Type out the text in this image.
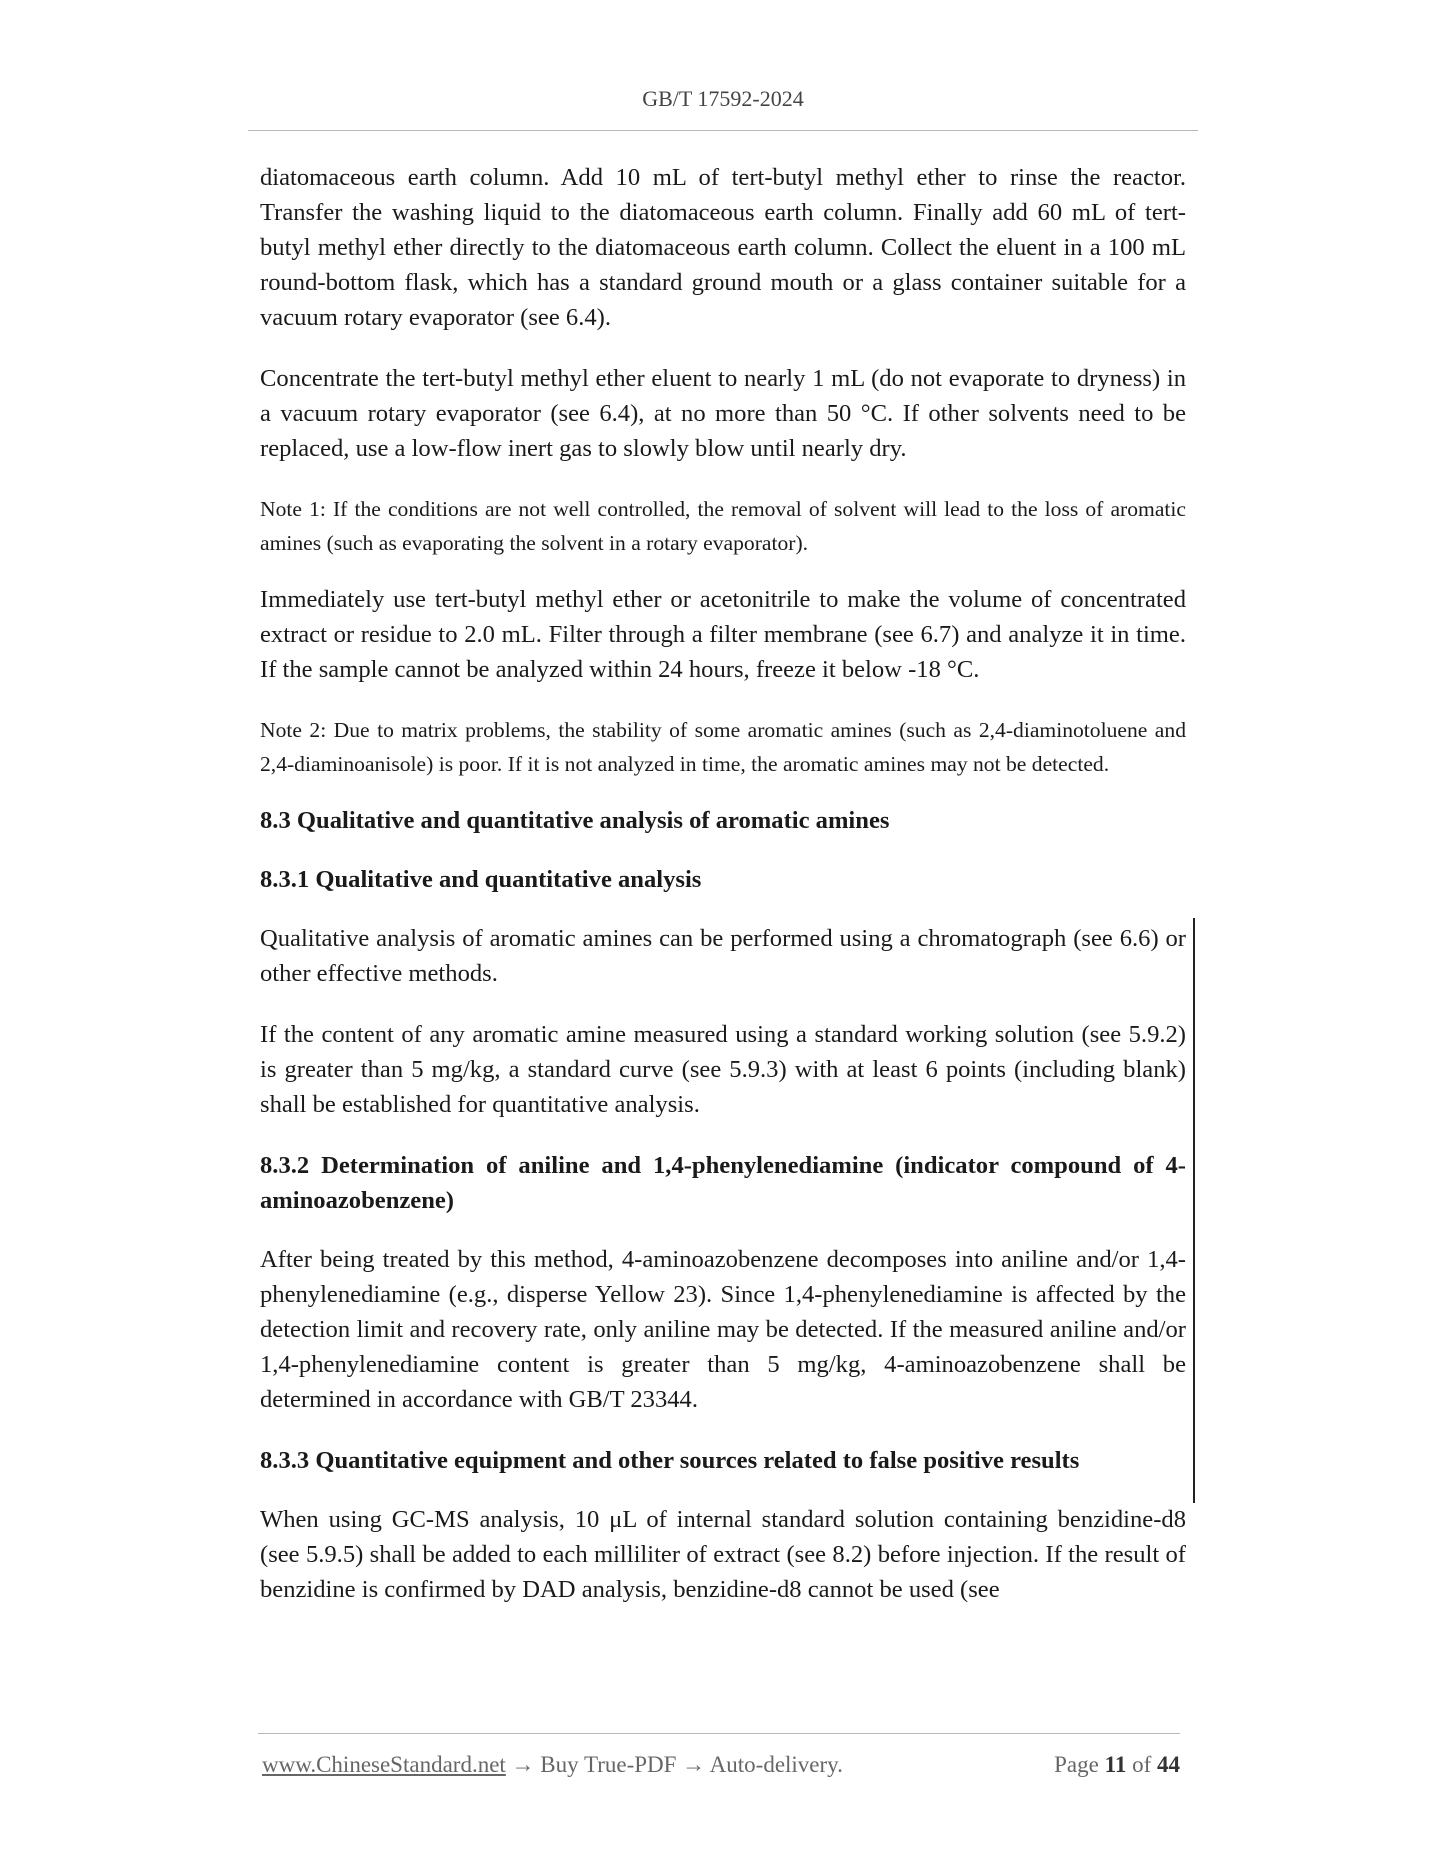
GB/T 17592-2024

diatomaceous earth column. Add 10 mL of tert-butyl methyl ether to rinse the reactor. Transfer the washing liquid to the diatomaceous earth column. Finally add 60 mL of tert-butyl methyl ether directly to the diatomaceous earth column. Collect the eluent in a 100 mL round-bottom flask, which has a standard ground mouth or a glass container suitable for a vacuum rotary evaporator (see 6.4).

Concentrate the tert-butyl methyl ether eluent to nearly 1 mL (do not evaporate to dryness) in a vacuum rotary evaporator (see 6.4), at no more than 50 °C. If other solvents need to be replaced, use a low-flow inert gas to slowly blow until nearly dry.

Note 1: If the conditions are not well controlled, the removal of solvent will lead to the loss of aromatic amines (such as evaporating the solvent in a rotary evaporator).

Immediately use tert-butyl methyl ether or acetonitrile to make the volume of concentrated extract or residue to 2.0 mL. Filter through a filter membrane (see 6.7) and analyze it in time. If the sample cannot be analyzed within 24 hours, freeze it below -18 °C.

Note 2: Due to matrix problems, the stability of some aromatic amines (such as 2,4-diaminotoluene and 2,4-diaminoanisole) is poor. If it is not analyzed in time, the aromatic amines may not be detected.

8.3 Qualitative and quantitative analysis of aromatic amines

8.3.1 Qualitative and quantitative analysis

Qualitative analysis of aromatic amines can be performed using a chromatograph (see 6.6) or other effective methods.

If the content of any aromatic amine measured using a standard working solution (see 5.9.2) is greater than 5 mg/kg, a standard curve (see 5.9.3) with at least 6 points (including blank) shall be established for quantitative analysis.

8.3.2 Determination of aniline and 1,4-phenylenediamine (indicator compound of 4-aminoazobenzene)

After being treated by this method, 4-aminoazobenzene decomposes into aniline and/or 1,4-phenylenediamine (e.g., disperse Yellow 23). Since 1,4-phenylenediamine is affected by the detection limit and recovery rate, only aniline may be detected. If the measured aniline and/or 1,4-phenylenediamine content is greater than 5 mg/kg, 4-aminoazobenzene shall be determined in accordance with GB/T 23344.

8.3.3 Quantitative equipment and other sources related to false positive results

When using GC-MS analysis, 10 μL of internal standard solution containing benzidine-d8 (see 5.9.5) shall be added to each milliliter of extract (see 8.2) before injection. If the result of benzidine is confirmed by DAD analysis, benzidine-d8 cannot be used (see

www.ChineseStandard.net → Buy True-PDF → Auto-delivery.	Page 11 of 44
